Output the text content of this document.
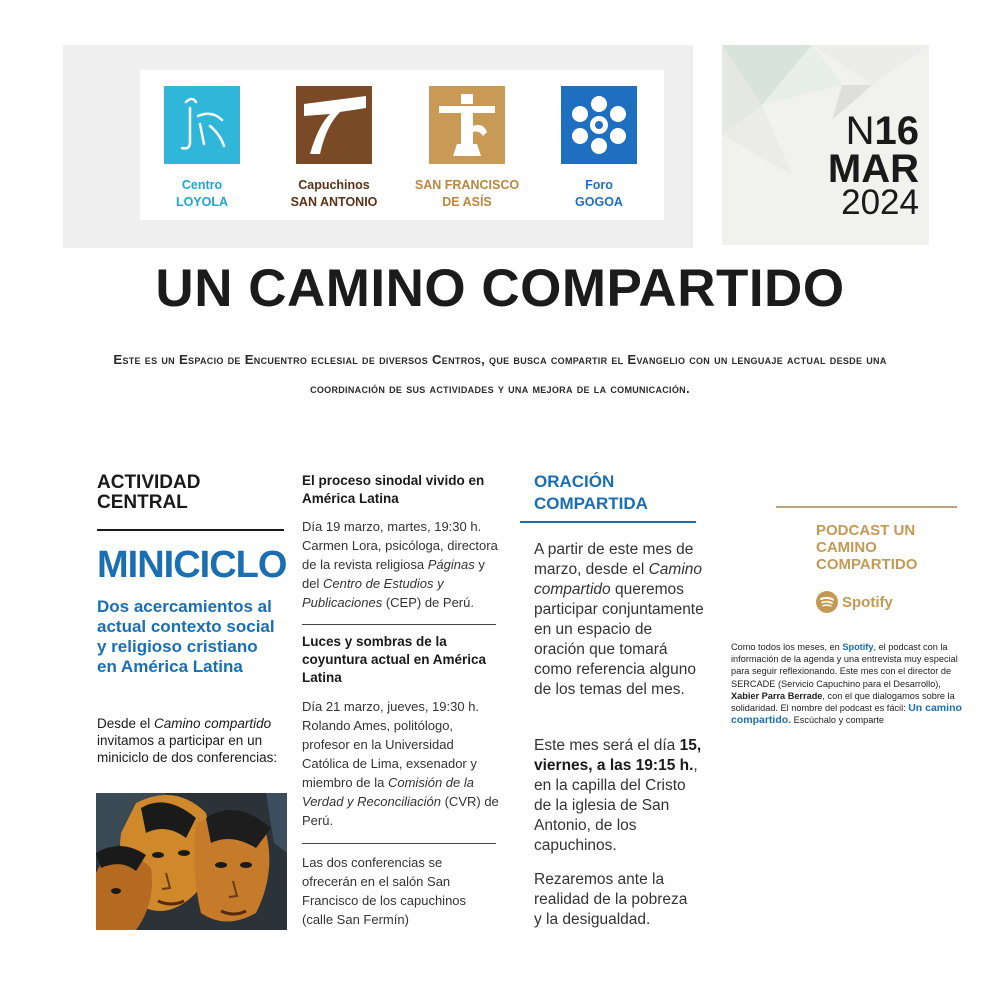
Centro
LOYOLA
Capuchinos
SAN ANTONIO
SAN FRANCISCO
DE ASÍS
Foro
GOGOA
N16
MAR
2024
UN CAMINO COMPARTIDO
Este es un Espacio de Encuentro eclesial de diversos Centros, que busca compartir el Evangelio con un lenguaje actual desde una coordinación de sus actividades y una mejora de la comunicación.
ACTIVIDAD CENTRAL
MINICICLO
Dos acercamientos al actual contexto social y religioso cristiano en América Latina
Desde el Camino compartido invitamos a participar en un miniciclo de dos conferencias:
El proceso sinodal vivido en América Latina
Día 19 marzo, martes, 19:30 h. Carmen Lora, psicóloga, directora de la revista religiosa Páginas y del Centro de Estudios y Publicaciones (CEP) de Perú.
Luces y sombras de la coyuntura actual en América Latina
Día 21 marzo, jueves, 19:30 h. Rolando Ames, politólogo, profesor en la Universidad Católica de Lima, exsenador y miembro de la Comisión de la Verdad y Reconciliación (CVR) de Perú.
Las dos conferencias se ofrecerán en el salón San Francisco de los capuchinos (calle San Fermín)
ORACIÓN COMPARTIDA
A partir de este mes de marzo, desde el Camino compartido queremos participar conjuntamente en un espacio de oración que tomará como referencia alguno de los temas del mes.
Este mes será el día 15, viernes, a las 19:15 h., en la capilla del Cristo de la iglesia de San Antonio, de los capuchinos.
Rezaremos ante la realidad de la pobreza y la desigualdad.
PODCAST UN CAMINO COMPARTIDO
Spotify
Como todos los meses, en Spotify, el podcast con la información de la agenda y una entrevista muy especial para seguir reflexionando. Este mes con el director de SERCADE (Servicio Capuchino para el Desarrollo), Xabier Parra Berrade, con el que dialogamos sobre la solidaridad. El nombre del podcast es fácil: Un camino compartido. Escúchalo y comparte
